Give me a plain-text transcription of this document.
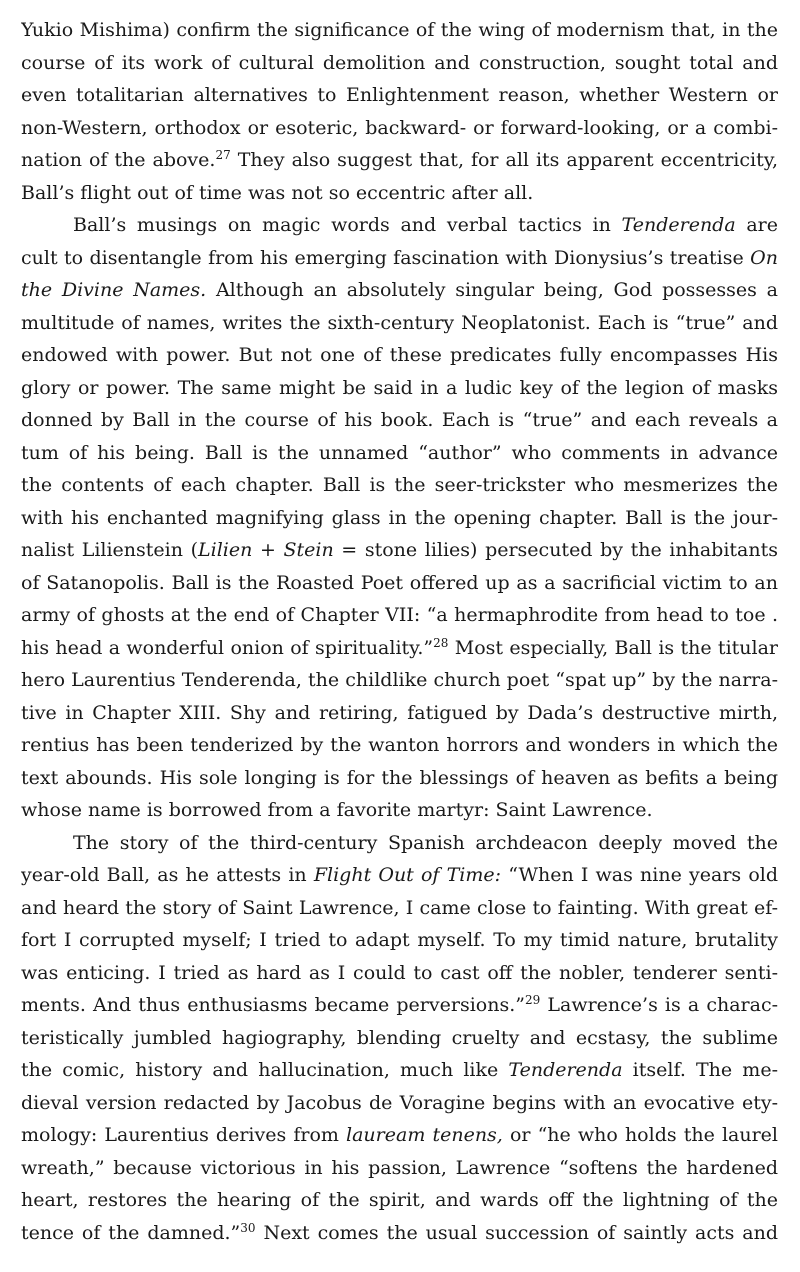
Yukio Mishima) confirm the significance of the wing of modernism that, in the
course of its work of cultural demolition and construction, sought total and
even totalitarian alternatives to Enlightenment reason, whether Western or
non-Western, orthodox or esoteric, backward- or forward-looking, or a combi-
nation of the above.$^{27}$ They also suggest that, for all its apparent eccentricity,
Ball’s flight out of time was not so eccentric after all.
Ball’s musings on magic words and verbal tactics in Tenderenda are
cult to disentangle from his emerging fascination with Dionysius’s treatise On
the Divine Names. Although an absolutely singular being, God possesses a
multitude of names, writes the sixth-century Neoplatonist. Each is “true” and
endowed with power. But not one of these predicates fully encompasses His
glory or power. The same might be said in a ludic key of the legion of masks
donned by Ball in the course of his book. Each is “true” and each reveals a
tum of his being. Ball is the unnamed “author” who comments in advance
the contents of each chapter. Ball is the seer-trickster who mesmerizes the
with his enchanted magnifying glass in the opening chapter. Ball is the jour-
nalist Lilienstein (Lilien + Stein = stone lilies) persecuted by the inhabitants
of Satanopolis. Ball is the Roasted Poet offered up as a sacrificial victim to an
army of ghosts at the end of Chapter VII: “a hermaphrodite from head to toe .
his head a wonderful onion of spirituality.”$^{28}$ Most especially, Ball is the titular
hero Laurentius Tenderenda, the childlike church poet “spat up” by the narra-
tive in Chapter XIII. Shy and retiring, fatigued by Dada’s destructive mirth,
rentius has been tenderized by the wanton horrors and wonders in which the
text abounds. His sole longing is for the blessings of heaven as befits a being
whose name is borrowed from a favorite martyr: Saint Lawrence.
The story of the third-century Spanish archdeacon deeply moved the
year-old Ball, as he attests in Flight Out of Time: “When I was nine years old
and heard the story of Saint Lawrence, I came close to fainting. With great ef-
fort I corrupted myself; I tried to adapt myself. To my timid nature, brutality
was enticing. I tried as hard as I could to cast off the nobler, tenderer senti-
ments. And thus enthusiasms became perversions.”$^{29}$ Lawrence’s is a charac-
teristically jumbled hagiography, blending cruelty and ecstasy, the sublime
the comic, history and hallucination, much like Tenderenda itself. The me-
dieval version redacted by Jacobus de Voragine begins with an evocative ety-
mology: Laurentius derives from lauream tenens, or “he who holds the laurel
wreath,” because victorious in his passion, Lawrence “softens the hardened
heart, restores the hearing of the spirit, and wards off the lightning of the
tence of the damned.”$^{30}$ Next comes the usual succession of saintly acts and
